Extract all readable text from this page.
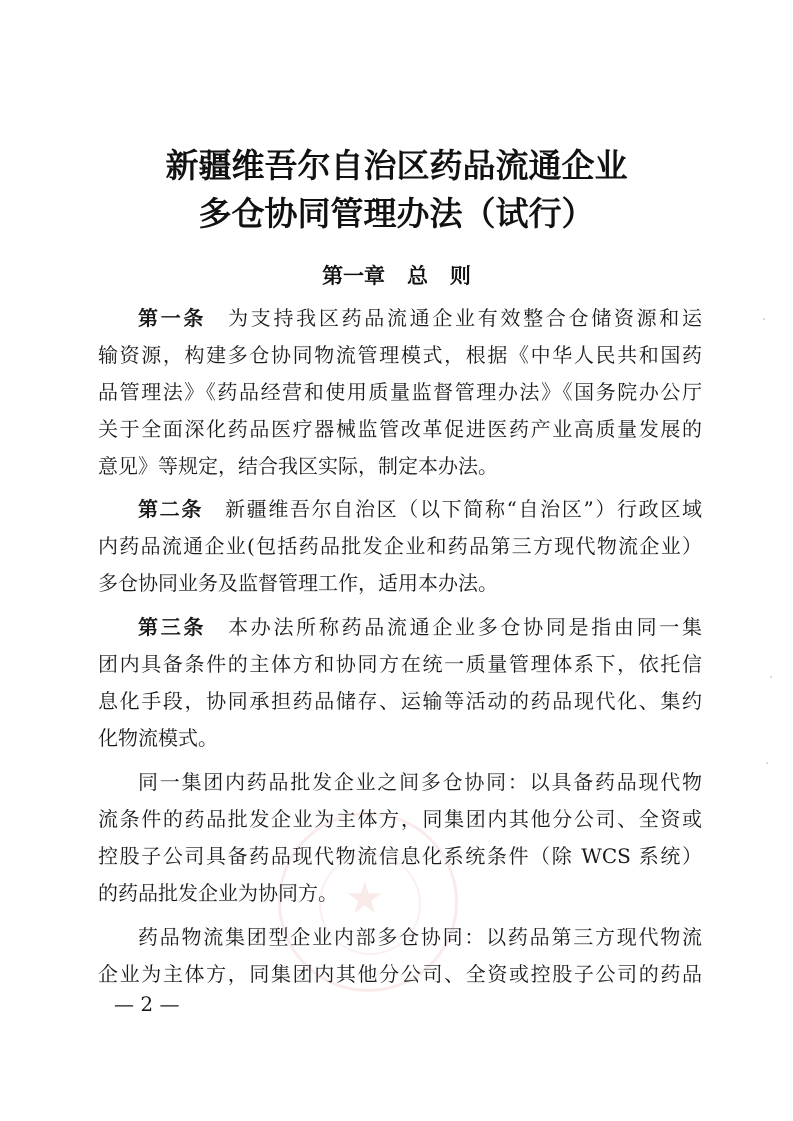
★
新疆维吾尔自治区药品流通企业
多仓协同管理办法（试行）
第一章   总   则
第一条 为支持我区药品流通企业有效整合仓储资源和运
输资源，构建多仓协同物流管理模式，根据《中华人民共和国药
品管理法》《药品经营和使用质量监督管理办法》《国务院办公厅
关于全面深化药品医疗器械监管改革促进医药产业高质量发展的
意见》等规定，结合我区实际，制定本办法。
第二条 新疆维吾尔自治区（以下简称“自治区”）行政区域
内药品流通企业(包括药品批发企业和药品第三方现代物流企业）
多仓协同业务及监督管理工作，适用本办法。
第三条 本办法所称药品流通企业多仓协同是指由同一集
团内具备条件的主体方和协同方在统一质量管理体系下，依托信
息化手段，协同承担药品储存、运输等活动的药品现代化、集约
化物流模式。
同一集团内药品批发企业之间多仓协同：以具备药品现代物
流条件的药品批发企业为主体方，同集团内其他分公司、全资或
控股子公司具备药品现代物流信息化系统条件（除 WCS 系统）
的药品批发企业为协同方。
药品物流集团型企业内部多仓协同：以药品第三方现代物流
企业为主体方，同集团内其他分公司、全资或控股子公司的药品
— 2 —
